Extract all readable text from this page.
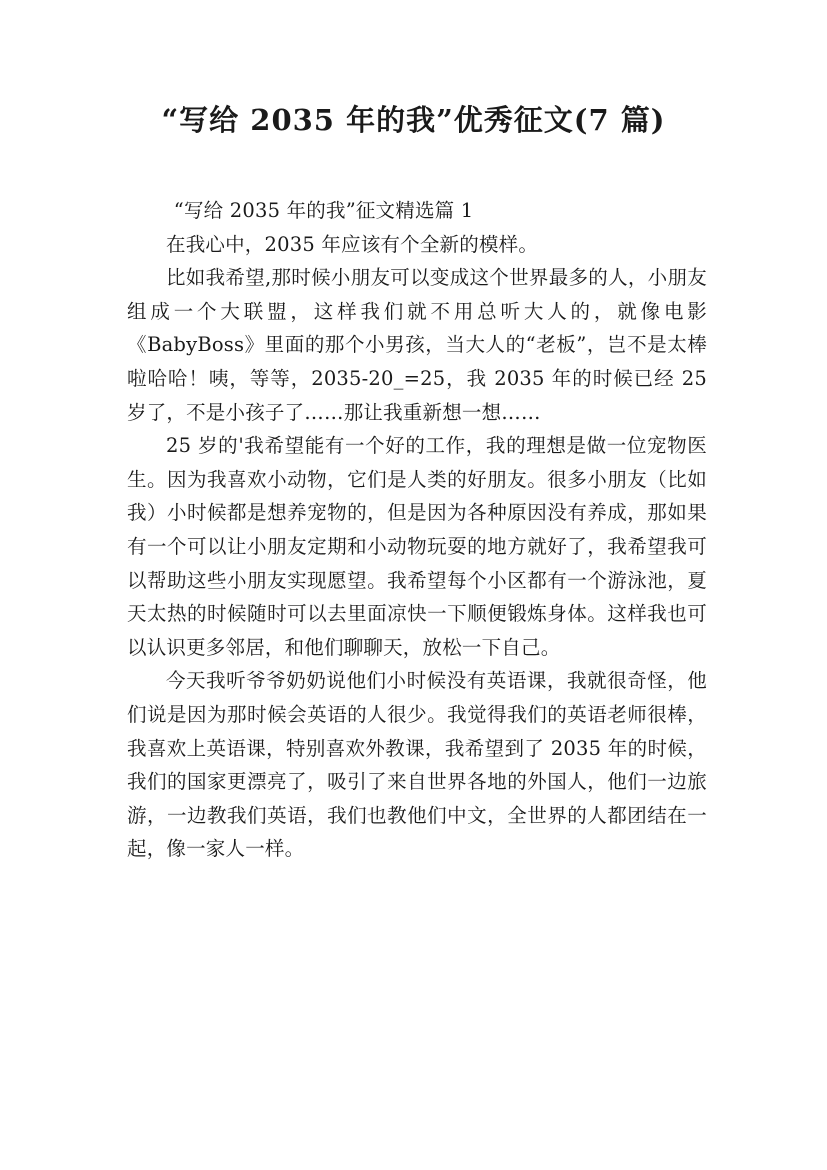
“写给 2035 年的我”优秀征文(7 篇)

“写给 2035 年的我”征文精选篇 1

在我心中，2035 年应该有个全新的模样。

比如我希望,那时候小朋友可以变成这个世界最多的人，小朋友组成一个大联盟，这样我们就不用总听大人的，就像电影《BabyBoss》里面的那个小男孩，当大人的“老板”，岂不是太棒啦哈哈！咦，等等，2035-20_=25，我 2035 年的时候已经 25 岁了，不是小孩子了……那让我重新想一想……

25 岁的'我希望能有一个好的工作，我的理想是做一位宠物医生。因为我喜欢小动物，它们是人类的好朋友。很多小朋友（比如我）小时候都是想养宠物的，但是因为各种原因没有养成，那如果有一个可以让小朋友定期和小动物玩耍的地方就好了，我希望我可以帮助这些小朋友实现愿望。我希望每个小区都有一个游泳池，夏天太热的时候随时可以去里面凉快一下顺便锻炼身体。这样我也可以认识更多邻居，和他们聊聊天，放松一下自己。

今天我听爷爷奶奶说他们小时候没有英语课，我就很奇怪，他们说是因为那时候会英语的人很少。我觉得我们的英语老师很棒，我喜欢上英语课，特别喜欢外教课，我希望到了 2035 年的时候，我们的国家更漂亮了，吸引了来自世界各地的外国人，他们一边旅游，一边教我们英语，我们也教他们中文，全世界的人都团结在一起，像一家人一样。
